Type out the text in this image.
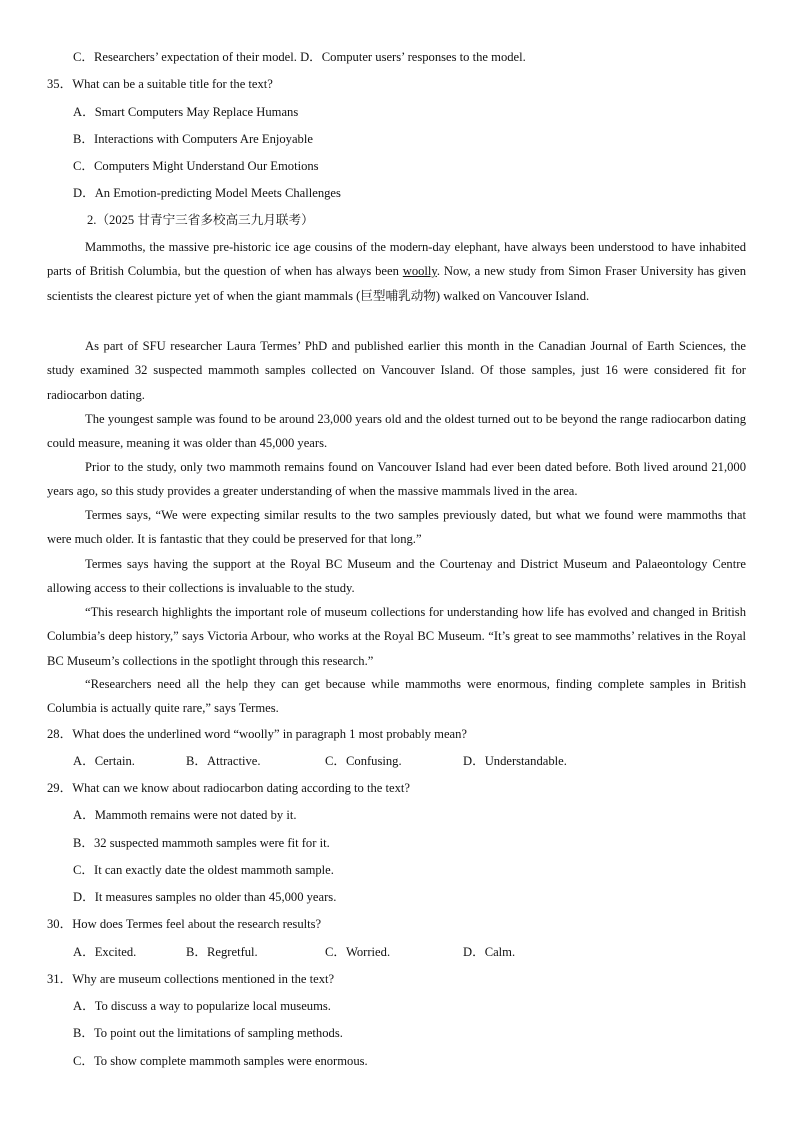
C．Researchers’ expectation of their model. D．Computer users’ responses to the model.
35．What can be a suitable title for the text?
A．Smart Computers May Replace Humans
B．Interactions with Computers Are Enjoyable
C．Computers Might Understand Our Emotions
D．An Emotion-predicting Model Meets Challenges
2.（2025 甘青宁三省多校高三九月联考）
Mammoths, the massive pre-historic ice age cousins of the modern-day elephant, have always been understood to have inhabited parts of British Columbia, but the question of when has always been woolly. Now, a new study from Simon Fraser University has given scientists the clearest picture yet of when the giant mammals (巨型哺乳动物) walked on Vancouver Island.
As part of SFU researcher Laura Termes’ PhD and published earlier this month in the Canadian Journal of Earth Sciences, the study examined 32 suspected mammoth samples collected on Vancouver Island. Of those samples, just 16 were considered fit for radiocarbon dating.
The youngest sample was found to be around 23,000 years old and the oldest turned out to be beyond the range radiocarbon dating could measure, meaning it was older than 45,000 years.
Prior to the study, only two mammoth remains found on Vancouver Island had ever been dated before. Both lived around 21,000 years ago, so this study provides a greater understanding of when the massive mammals lived in the area.
Termes says, “We were expecting similar results to the two samples previously dated, but what we found were mammoths that were much older. It is fantastic that they could be preserved for that long.”
Termes says having the support at the Royal BC Museum and the Courtenay and District Museum and Palaeontology Centre allowing access to their collections is invaluable to the study.
“This research highlights the important role of museum collections for understanding how life has evolved and changed in British Columbia’s deep history,” says Victoria Arbour, who works at the Royal BC Museum. “It’s great to see mammoths’ relatives in the Royal BC Museum’s collections in the spotlight through this research.”
“Researchers need all the help they can get because while mammoths were enormous, finding complete samples in British Columbia is actually quite rare,” says Termes.
28．What does the underlined word “woolly” in paragraph 1 most probably mean?
A．Certain.	B．Attractive.	C．Confusing.	D．Understandable.
29．What can we know about radiocarbon dating according to the text?
A．Mammoth remains were not dated by it.
B．32 suspected mammoth samples were fit for it.
C．It can exactly date the oldest mammoth sample.
D．It measures samples no older than 45,000 years.
30．How does Termes feel about the research results?
A．Excited.	B．Regretful.	C．Worried.	D．Calm.
31．Why are museum collections mentioned in the text?
A．To discuss a way to popularize local museums.
B．To point out the limitations of sampling methods.
C．To show complete mammoth samples were enormous.
